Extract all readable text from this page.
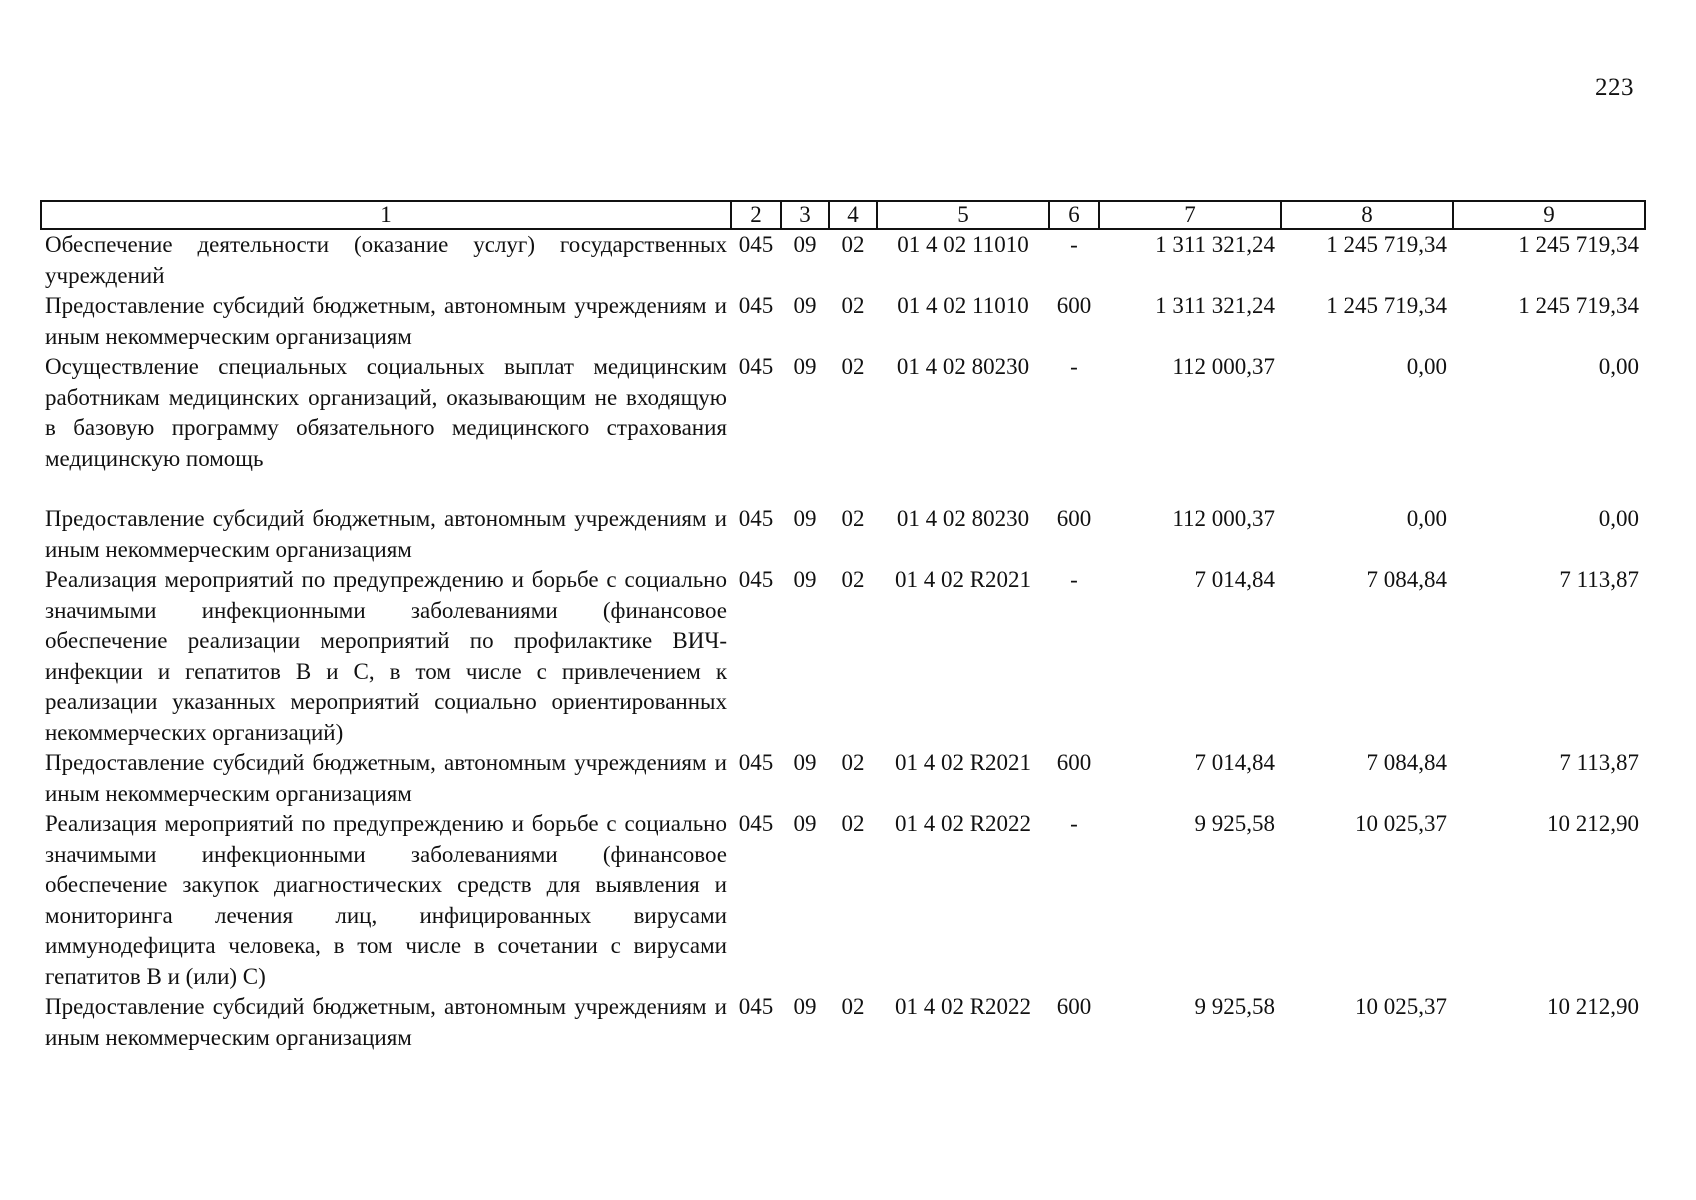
223
1	2	3	4	5	6	7	8	9
Обеспечение деятельности (оказание услуг) государственных учреждений	045	09	02	01 4 02 11010	-	1 311 321,24	1 245 719,34	1 245 719,34
Предоставление субсидий бюджетным, автономным учреждениям и иным некоммерческим организациям	045	09	02	01 4 02 11010	600	1 311 321,24	1 245 719,34	1 245 719,34
Осуществление специальных социальных выплат медицинским работникам медицинских организаций, оказывающим не входящую в базовую программу обязательного медицинского страхования медицинскую помощь	045	09	02	01 4 02 80230	-	112 000,37	0,00	0,00
Предоставление субсидий бюджетным, автономным учреждениям и иным некоммерческим организациям	045	09	02	01 4 02 80230	600	112 000,37	0,00	0,00
Реализация мероприятий по предупреждению и борьбе с социально значимыми инфекционными заболеваниями (финансовое обеспечение реализации мероприятий по профилактике ВИЧ-инфекции и гепатитов В и С, в том числе с привлечением к реализации указанных мероприятий социально ориентированных некоммерческих организаций)	045	09	02	01 4 02 R2021	-	7 014,84	7 084,84	7 113,87
Предоставление субсидий бюджетным, автономным учреждениям и иным некоммерческим организациям	045	09	02	01 4 02 R2021	600	7 014,84	7 084,84	7 113,87
Реализация мероприятий по предупреждению и борьбе с социально значимыми инфекционными заболеваниями (финансовое обеспечение закупок диагностических средств для выявления и мониторинга лечения лиц, инфицированных вирусами иммунодефицита человека, в том числе в сочетании с вирусами гепатитов В и (или) С)	045	09	02	01 4 02 R2022	-	9 925,58	10 025,37	10 212,90
Предоставление субсидий бюджетным, автономным учреждениям и иным некоммерческим организациям	045	09	02	01 4 02 R2022	600	9 925,58	10 025,37	10 212,90
